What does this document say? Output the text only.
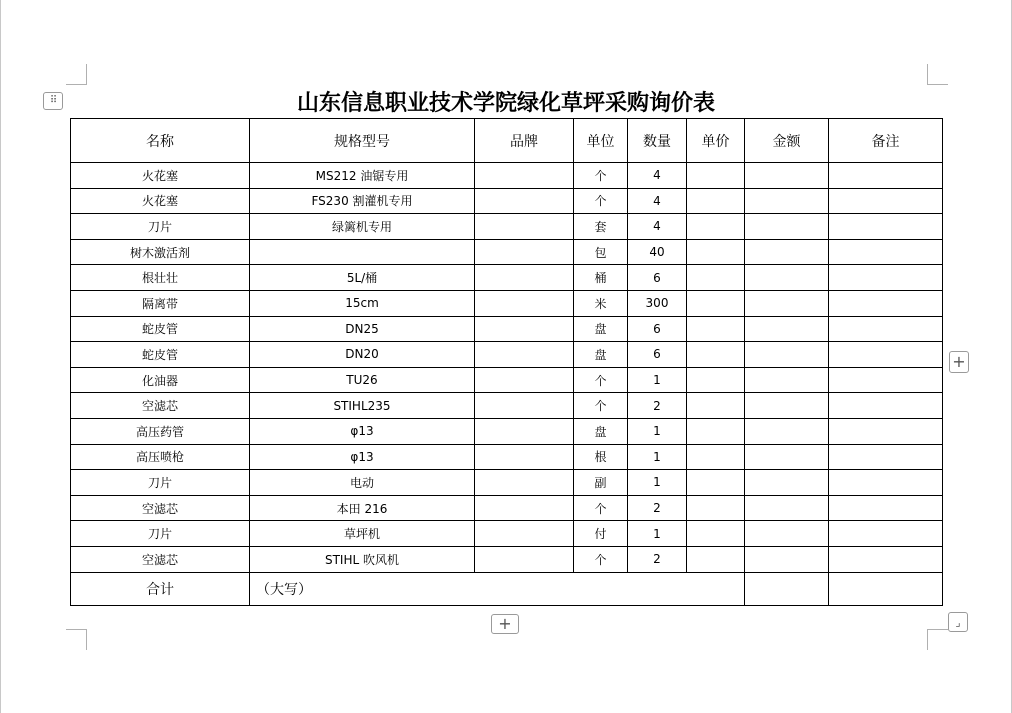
⠿
+
+	⌟
山东信息职业技术学院绿化草坪采购询价表
名称	规格型号	品牌	单位	数量	单价	金额	备注
火花塞	MS212 油锯专用		个	4			
火花塞	FS230 割灌机专用		个	4			
刀片	绿篱机专用		套	4			
树木激活剂			包	40			
根壮壮	5L/桶		桶	6			
隔离带	15cm		米	300			
蛇皮管	DN25		盘	6			
蛇皮管	DN20		盘	6			
化油器	TU26		个	1			
空滤芯	STIHL235		个	2			
高压药管	φ13		盘	1			
高压喷枪	φ13		根	1			
刀片	电动		副	1			
空滤芯	本田 216		个	2			
刀片	草坪机		付	1			
空滤芯	STIHL 吹风机		个	2			
合计	（大写）						
